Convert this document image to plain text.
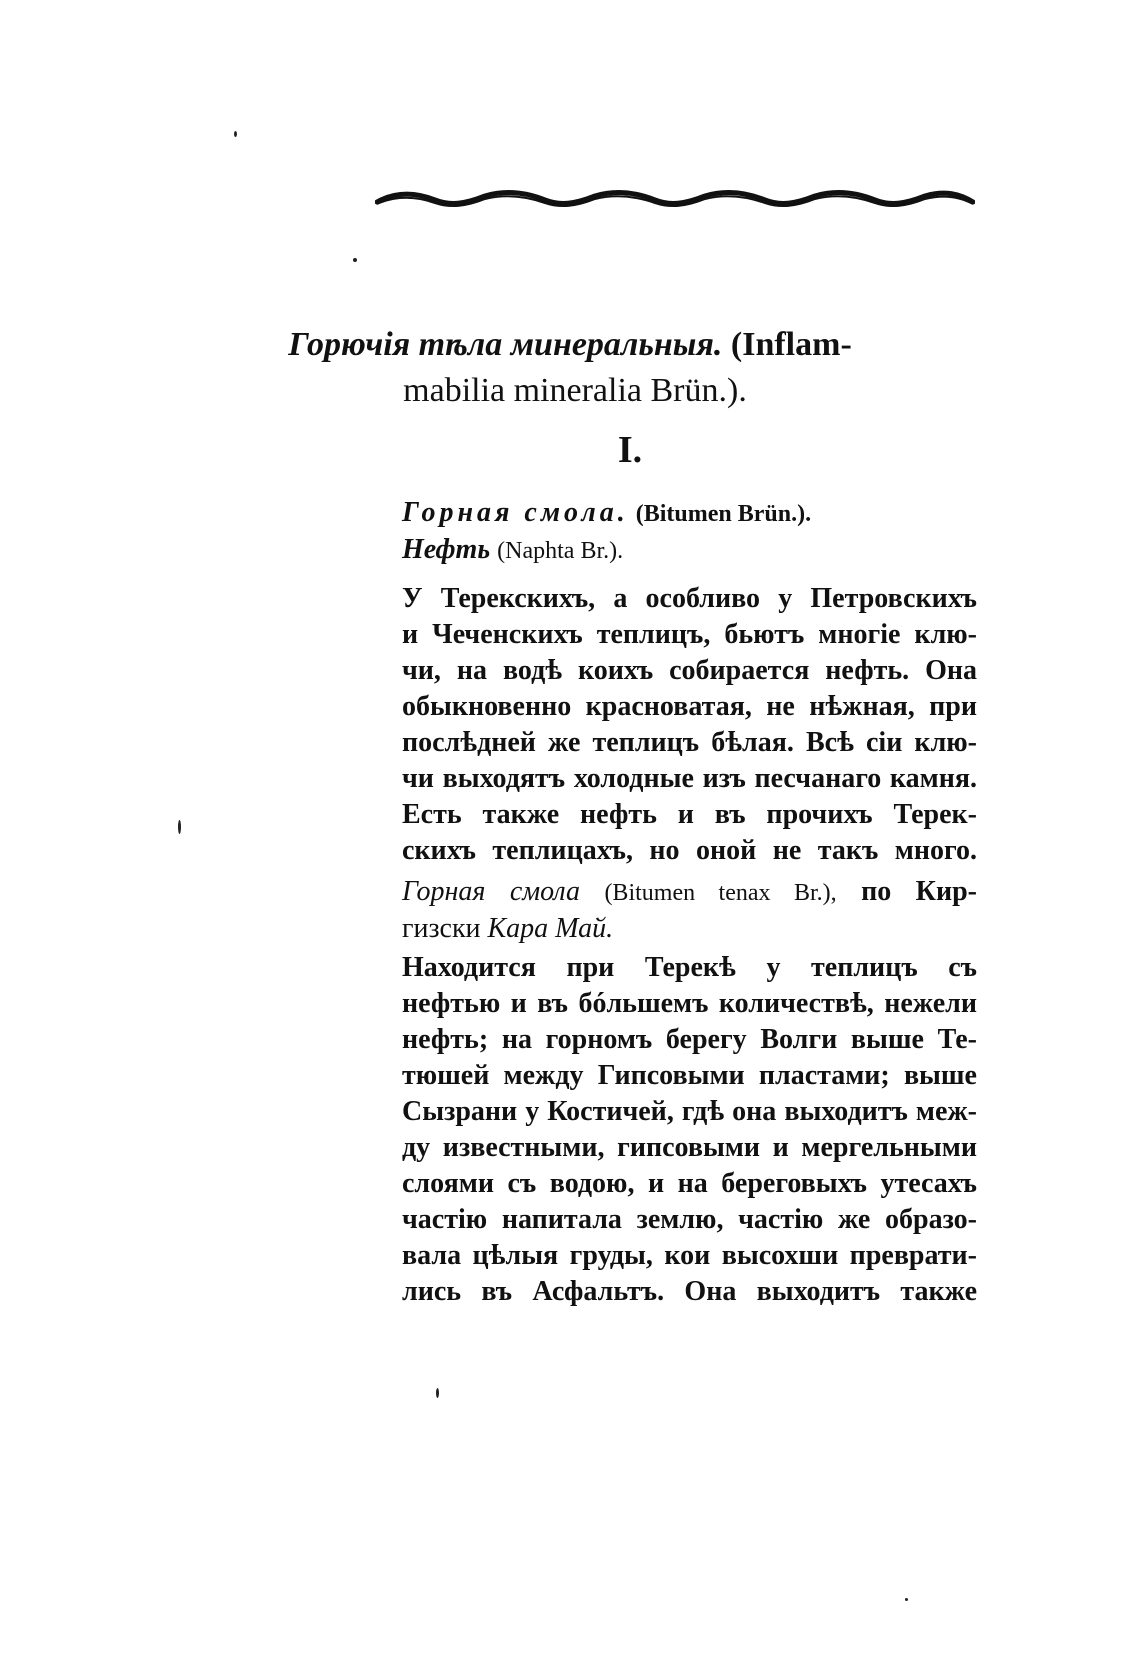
Горючія тѣла минеральныя. (Inflam-
mabilia mineralia Brün.).
I.
Горная смола. (Bitumen Brün.).
Нефть (Naphta Br.).
У Терекскихъ, а особливо у Петровскихъ
и Чеченскихъ теплицъ, бьютъ многіе клю-
чи, на водѣ коихъ собирается нефть. Она
обыкновенно красноватая, не нѣжная, при
послѣдней же теплицъ бѣлая. Всѣ сіи клю-
чи выходятъ холодные изъ песчанаго камня.
Есть также нефть и въ прочихъ Терек-
скихъ теплицахъ, но оной не такъ много.
Горная смола (Bitumen tenax Br.), по Кир-
гизски Кара Май.
Находится при Терекѣ у теплицъ съ
нефтью и въ бóльшемъ количествѣ, нежели
нефть; на горномъ берегу Волги выше Те-
тюшей между Гипсовыми пластами; выше
Сызрани у Костичей, гдѣ она выходитъ меж-
ду известными, гипсовыми и мергельными
слоями съ водою, и на береговыхъ утесахъ
частію напитала землю, частію же образо-
вала цѣлыя груды, кои высохши преврати-
лись въ Асфальтъ. Она выходитъ также
